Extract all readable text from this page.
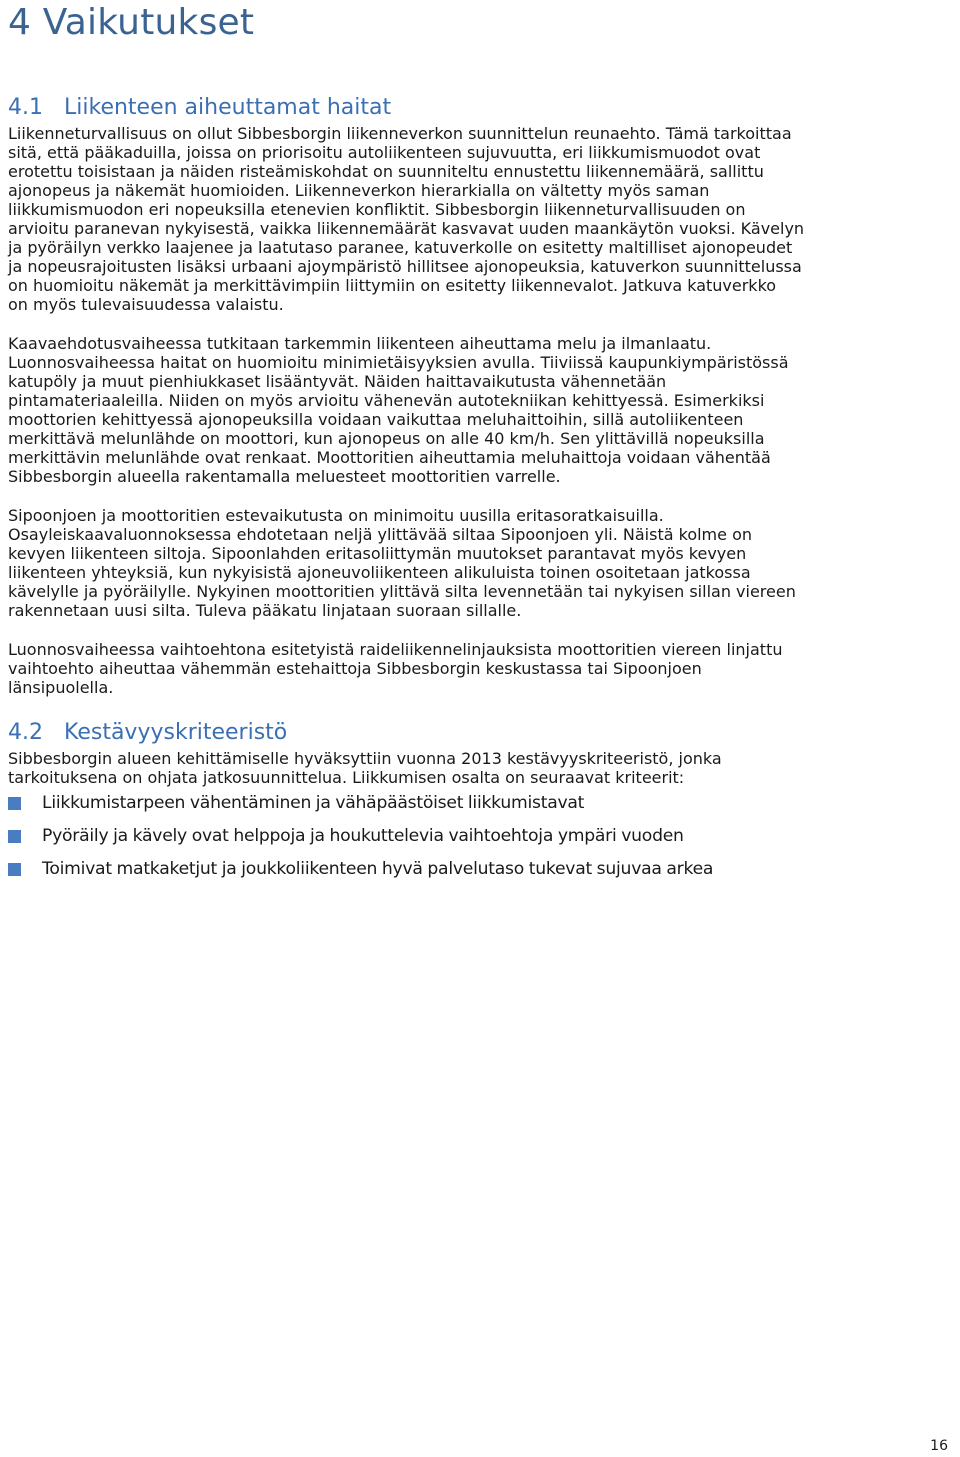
4 Vaikutukset
4.1 Liikenteen aiheuttamat haitat
Liikenneturvallisuus on ollut Sibbesborgin liikenneverkon suunnittelun reunaehto. Tämä tarkoittaa
sitä, että pääkaduilla, joissa on priorisoitu autoliikenteen sujuvuutta, eri liikkumismuodot ovat
erotettu toisistaan ja näiden risteämiskohdat on suunniteltu ennustettu liikennemäärä, sallittu
ajonopeus ja näkemät huomioiden. Liikenneverkon hierarkialla on vältetty myös saman
liikkumismuodon eri nopeuksilla etenevien konfliktit. Sibbesborgin liikenneturvallisuuden on
arvioitu paranevan nykyisestä, vaikka liikennemäärät kasvavat uuden maankäytön vuoksi. Kävelyn
ja pyöräilyn verkko laajenee ja laatutaso paranee, katuverkolle on esitetty maltilliset ajonopeudet
ja nopeusrajoitusten lisäksi urbaani ajoympäristö hillitsee ajonopeuksia, katuverkon suunnittelussa
on huomioitu näkemät ja merkittävimpiin liittymiin on esitetty liikennevalot. Jatkuva katuverkko
on myös tulevaisuudessa valaistu.
Kaavaehdotusvaiheessa tutkitaan tarkemmin liikenteen aiheuttama melu ja ilmanlaatu.
Luonnosvaiheessa haitat on huomioitu minimietäisyyksien avulla. Tiiviissä kaupunkiympäristössä
katupöly ja muut pienhiukkaset lisääntyvät. Näiden haittavaikutusta vähennetään
pintamateriaaleilla. Niiden on myös arvioitu vähenevän autotekniikan kehittyessä. Esimerkiksi
moottorien kehittyessä ajonopeuksilla voidaan vaikuttaa meluhaittoihin, sillä autoliikenteen
merkittävä melunlähde on moottori, kun ajonopeus on alle 40 km/h. Sen ylittävillä nopeuksilla
merkittävin melunlähde ovat renkaat. Moottoritien aiheuttamia meluhaittoja voidaan vähentää
Sibbesborgin alueella rakentamalla meluesteet moottoritien varrelle.
Sipoonjoen ja moottoritien estevaikutusta on minimoitu uusilla eritasoratkaisuilla.
Osayleiskaavaluonnoksessa ehdotetaan neljä ylittävää siltaa Sipoonjoen yli. Näistä kolme on
kevyen liikenteen siltoja. Sipoonlahden eritasoliittymän muutokset parantavat myös kevyen
liikenteen yhteyksiä, kun nykyisistä ajoneuvoliikenteen alikuluista toinen osoitetaan jatkossa
kävelylle ja pyöräilylle. Nykyinen moottoritien ylittävä silta levennetään tai nykyisen sillan viereen
rakennetaan uusi silta. Tuleva pääkatu linjataan suoraan sillalle.
Luonnosvaiheessa vaihtoehtona esitetyistä raideliikennelinjauksista moottoritien viereen linjattu
vaihtoehto aiheuttaa vähemmän estehaittoja Sibbesborgin keskustassa tai Sipoonjoen
länsipuolella.
4.2 Kestävyyskriteeristö
Sibbesborgin alueen kehittämiselle hyväksyttiin vuonna 2013 kestävyyskriteeristö, jonka
tarkoituksena on ohjata jatkosuunnittelua. Liikkumisen osalta on seuraavat kriteerit:
Liikkumistarpeen vähentäminen ja vähäpäästöiset liikkumistavat
Pyöräily ja kävely ovat helppoja ja houkuttelevia vaihtoehtoja ympäri vuoden
Toimivat matkaketjut ja joukkoliikenteen hyvä palvelutaso tukevat sujuvaa arkea
16
